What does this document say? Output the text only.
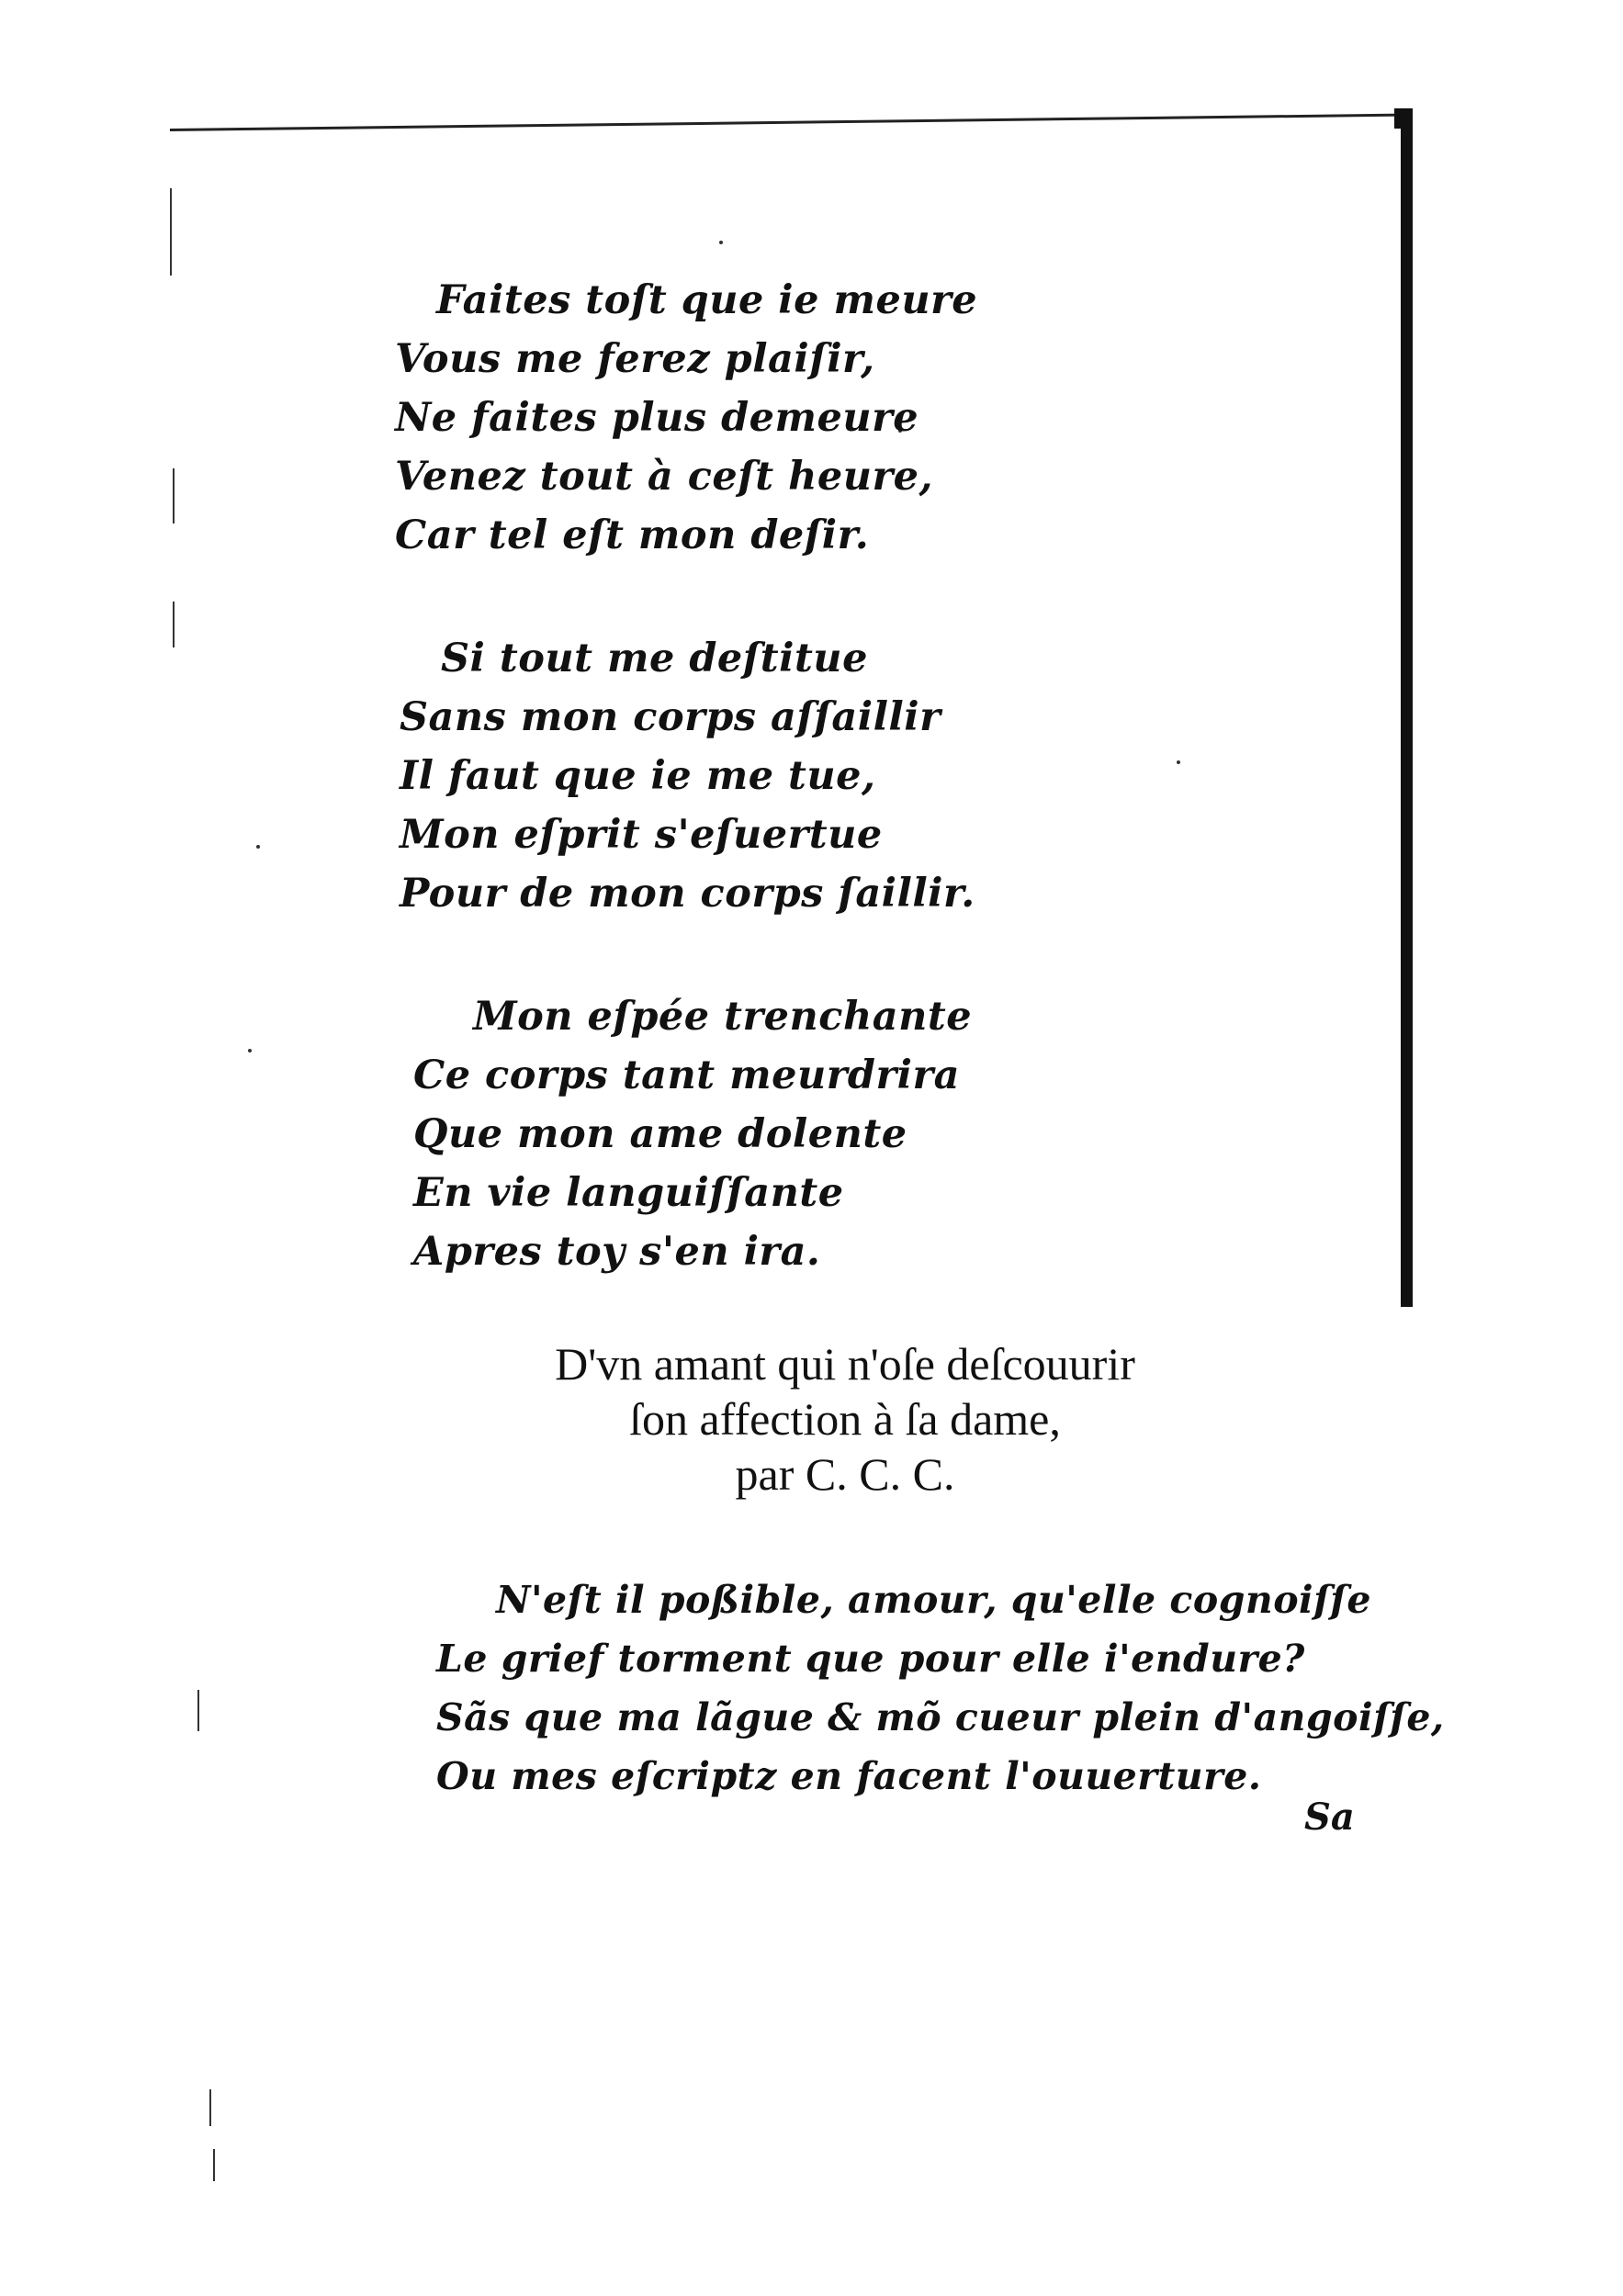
Faites toſt que ie meure
Vous me ferez plaiſir,
Ne faites plus demeure
Venez tout à ceſt heure,
Car tel eſt mon deſir.
Si tout me deſtitue
Sans mon corps aſſaillir
Il faut que ie me tue,
Mon eſprit s'eſuertue
Pour de mon corps ſaillir.
Mon eſpée trenchante
Ce corps tant meurdrira
Que mon ame dolente
En vie languiſſante
Apres toy s'en ira.
D'vn amant qui n'oſe deſcouurir
ſon affection à ſa dame,
par C. C. C.
N'eſt il poßible, amour, qu'elle cognoiſſe
Le grief torment que pour elle i'endure?
Sãs que ma lãgue & mõ cueur plein d'angoiſſe,
Ou mes eſcriptz en facent l'ouuerture.
Sa
